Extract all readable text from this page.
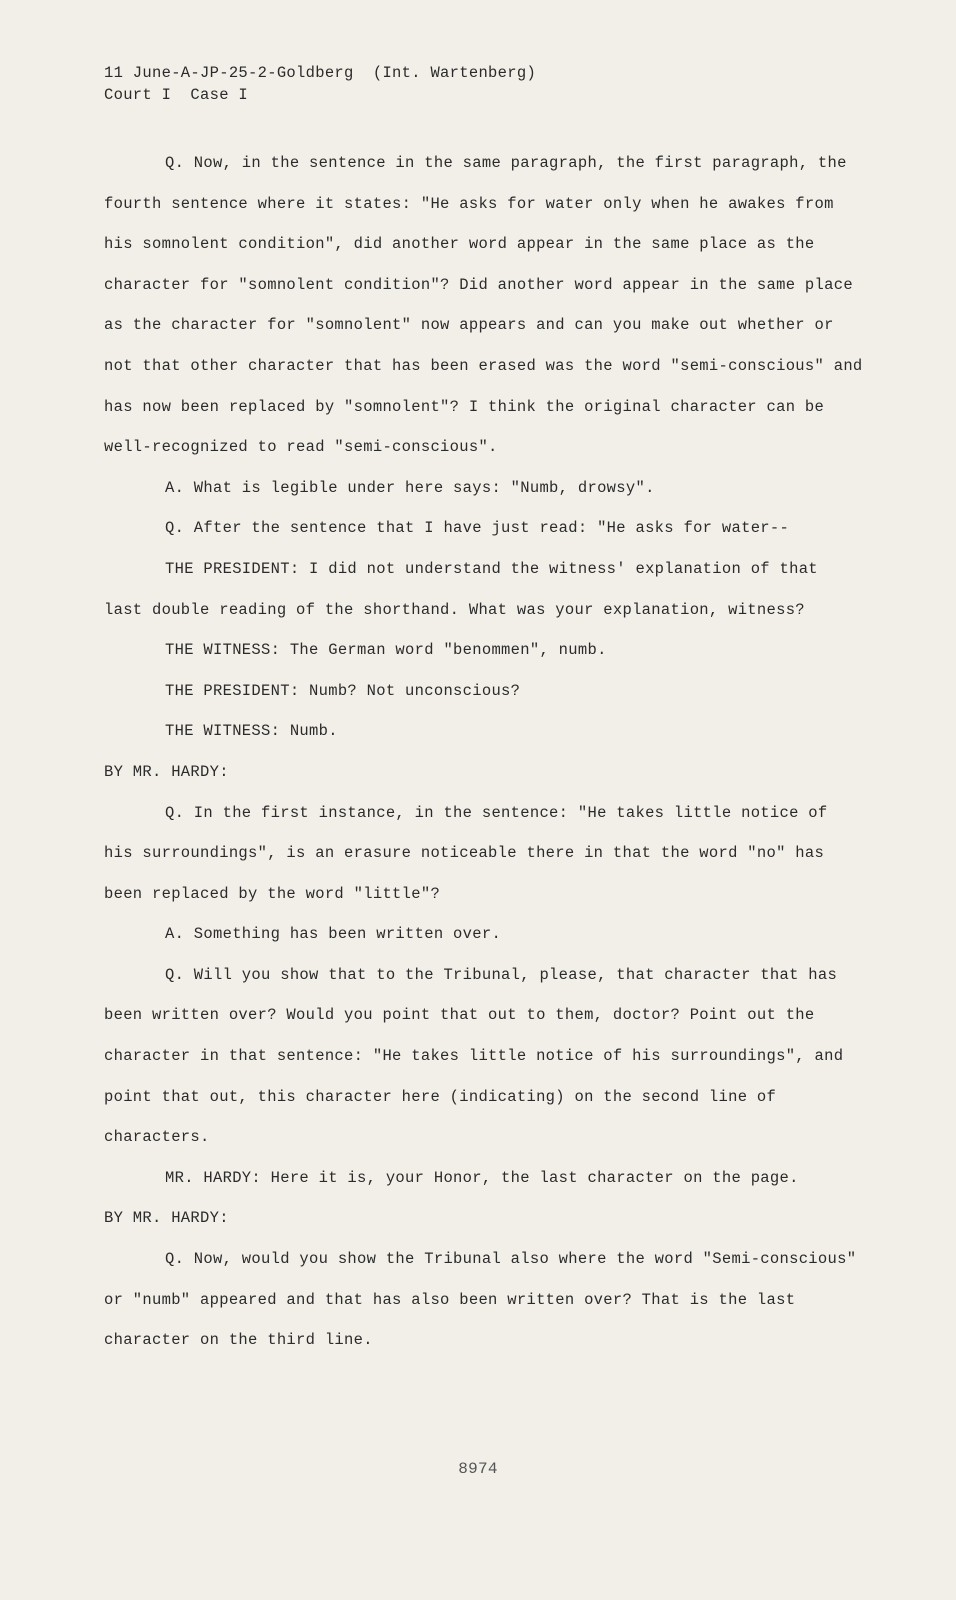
11 June-A-JP-25-2-Goldberg  (Int. Wartenberg)
Court I  Case I

Q. Now, in the sentence in the same paragraph, the first paragraph, the fourth sentence where it states: "He asks for water only when he awakes from his somnolent condition", did another word appear in the same place as the character for "somnolent condition"? Did another word appear in the same place as the character for "somnolent" now appears and can you make out whether or not that other character that has been erased was the word "semi-conscious" and has now been replaced by "somnolent"? I think the original character can be well-recognized to read "semi-conscious".

A. What is legible under here says: "Numb, drowsy".

Q. After the sentence that I have just read: "He asks for water--

THE PRESIDENT: I did not understand the witness' explanation of that last double reading of the shorthand. What was your explanation, witness?

THE WITNESS: The German word "benommen", numb.

THE PRESIDENT: Numb? Not unconscious?

THE WITNESS: Numb.

BY MR. HARDY:

Q. In the first instance, in the sentence: "He takes little notice of his surroundings", is an erasure noticeable there in that the word "no" has been replaced by the word "little"?

A. Something has been written over.

Q. Will you show that to the Tribunal, please, that character that has been written over? Would you point that out to them, doctor? Point out the character in that sentence: "He takes little notice of his surroundings", and point that out, this character here (indicating) on the second line of characters.

MR. HARDY: Here it is, your Honor, the last character on the page.

BY MR. HARDY:

Q. Now, would you show the Tribunal also where the word "Semi-conscious" or "numb" appeared and that has also been written over? That is the last character on the third line.

8974
